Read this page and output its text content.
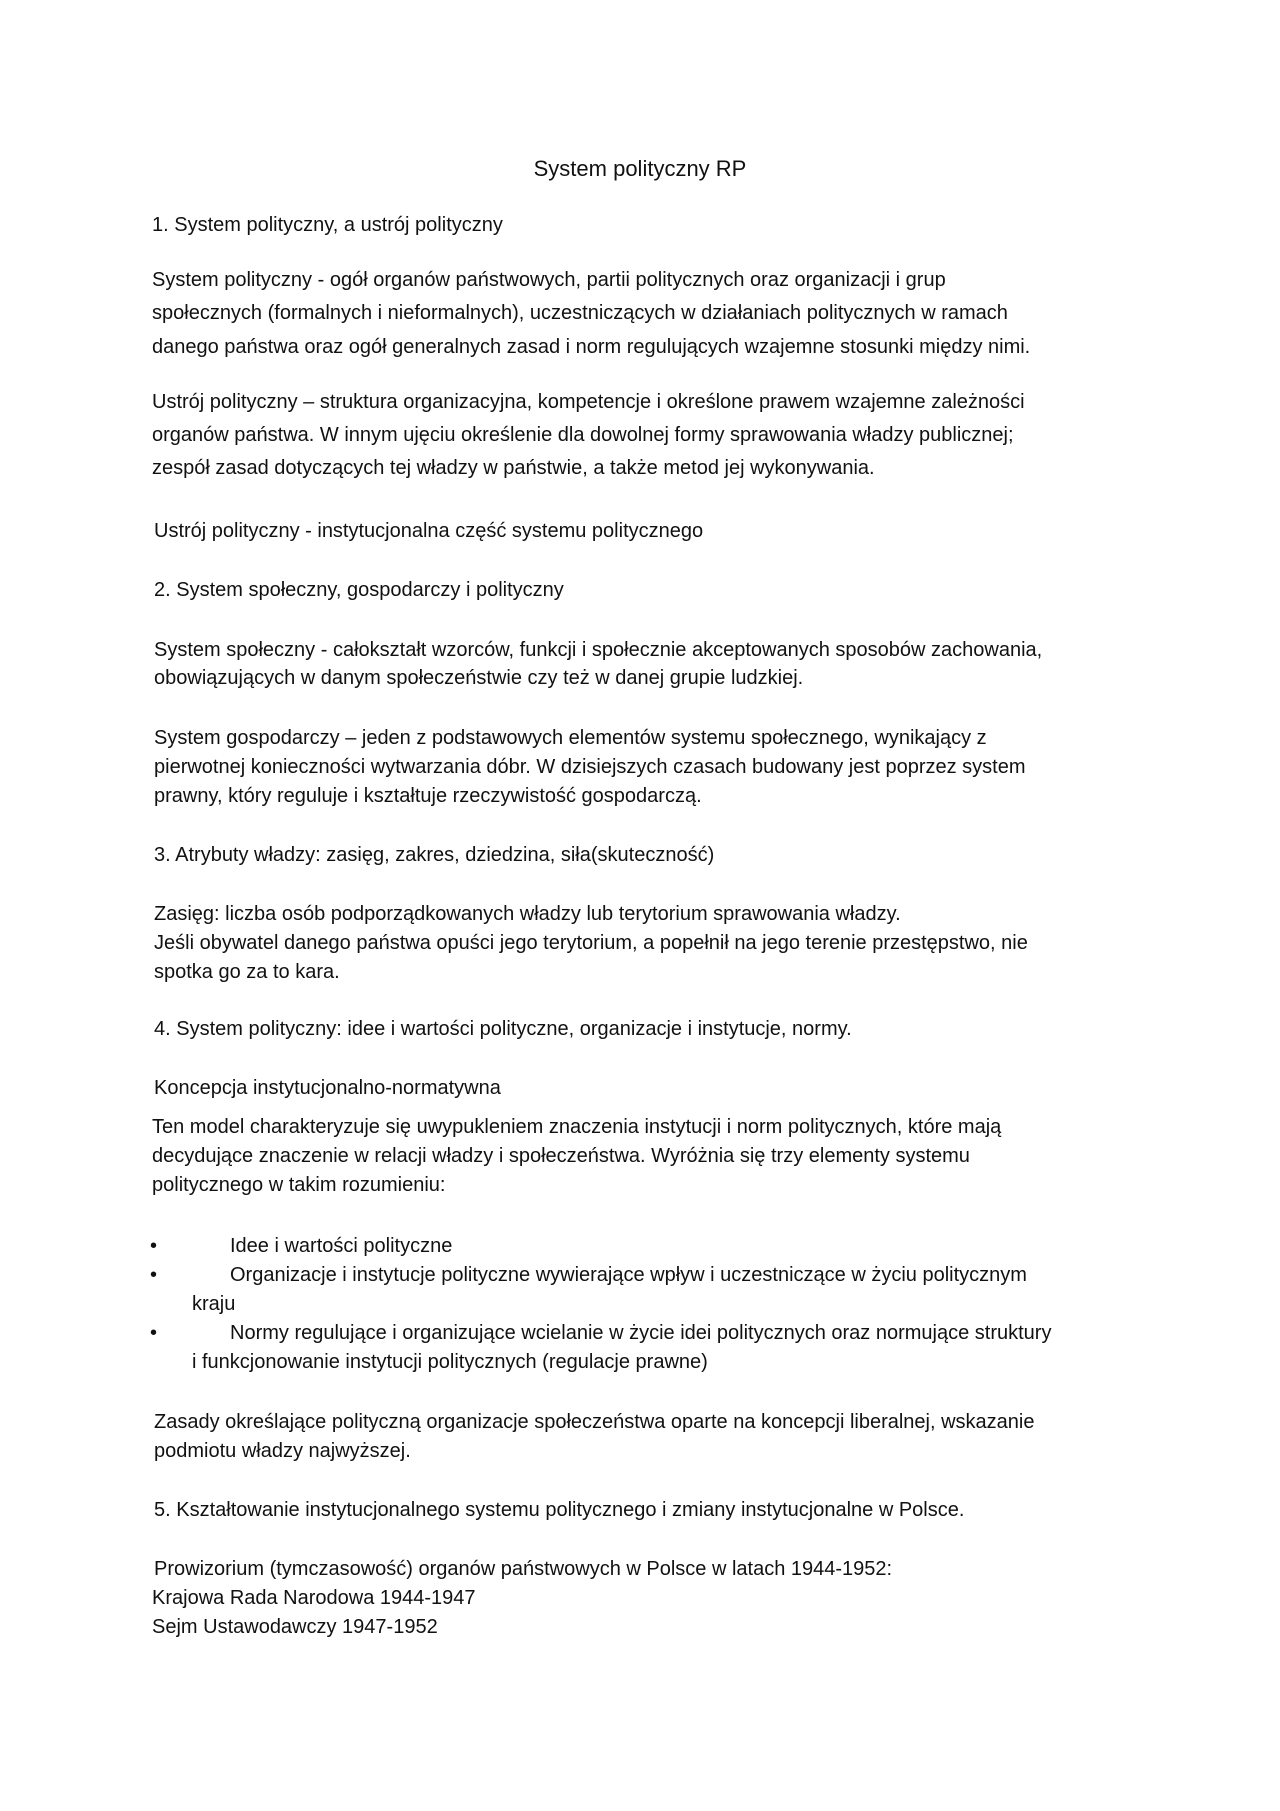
System polityczny RP
1. System polityczny, a ustrój polityczny
System polityczny - ogół organów państwowych, partii politycznych oraz organizacji i grup
społecznych (formalnych i nieformalnych), uczestniczących w działaniach politycznych w ramach
danego państwa oraz ogół generalnych zasad i norm regulujących wzajemne stosunki między nimi.
Ustrój polityczny – struktura organizacyjna, kompetencje i określone prawem wzajemne zależności
organów państwa. W innym ujęciu określenie dla dowolnej formy sprawowania władzy publicznej;
zespół zasad dotyczących tej władzy w państwie, a także metod jej wykonywania.
Ustrój polityczny - instytucjonalna część systemu politycznego
2. System społeczny, gospodarczy i polityczny
System społeczny - całokształt wzorców, funkcji i społecznie akceptowanych sposobów zachowania,
obowiązujących w danym społeczeństwie czy też w danej grupie ludzkiej.
System gospodarczy – jeden z podstawowych elementów systemu społecznego, wynikający z
pierwotnej konieczności wytwarzania dóbr. W dzisiejszych czasach budowany jest poprzez system
prawny, który reguluje i kształtuje rzeczywistość gospodarczą.
3. Atrybuty władzy: zasięg, zakres, dziedzina, siła(skuteczność)
Zasięg: liczba osób podporządkowanych władzy lub terytorium sprawowania władzy.
Jeśli obywatel danego państwa opuści jego terytorium, a popełnił na jego terenie przestępstwo, nie
spotka go za to kara.
4. System polityczny: idee i wartości polityczne, organizacje i instytucje, normy.
Koncepcja instytucjonalno-normatywna
Ten model charakteryzuje się uwypukleniem znaczenia instytucji i norm politycznych, które mają
decydujące znaczenie w relacji władzy i społeczeństwa. Wyróżnia się trzy elementy systemu
politycznego w takim rozumieniu:
•	Idee i wartości polityczne
•	Organizacje i instytucje polityczne wywierające wpływ i uczestniczące w życiu politycznym
kraju
•	Normy regulujące i organizujące wcielanie w życie idei politycznych oraz normujące struktury
i funkcjonowanie instytucji politycznych (regulacje prawne)
Zasady określające polityczną organizacje społeczeństwa oparte na koncepcji liberalnej, wskazanie
podmiotu władzy najwyższej.
5. Kształtowanie instytucjonalnego systemu politycznego i zmiany instytucjonalne w Polsce.
Prowizorium (tymczasowość) organów państwowych w Polsce w latach 1944-1952:
Krajowa Rada Narodowa 1944-1947
Sejm Ustawodawczy 1947-1952
